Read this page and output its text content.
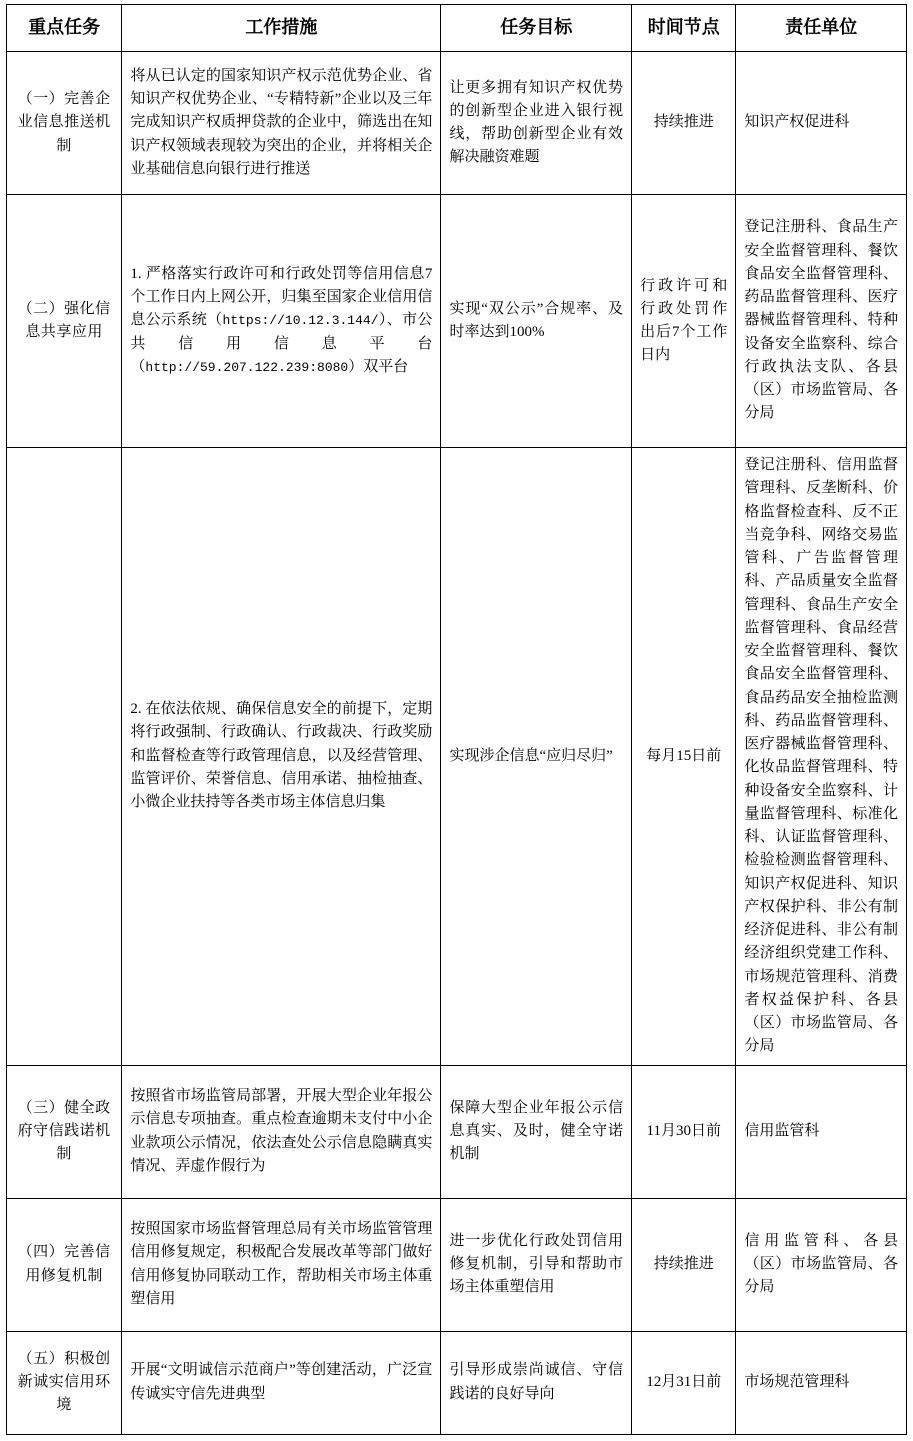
重点任务	工作措施	任务目标	时间节点	责任单位
（一）完善企业信息推送机制	将从已认定的国家知识产权示范优势企业、省知识产权优势企业、“专精特新”企业以及三年完成知识产权质押贷款的企业中，筛选出在知识产权领域表现较为突出的企业，并将相关企业基础信息向银行进行推送	让更多拥有知识产权优势的创新型企业进入银行视线，帮助创新型企业有效解决融资难题	持续推进	知识产权促进科
（二）强化信息共享应用	1. 严格落实行政许可和行政处罚等信用信息7个工作日内上网公开，归集至国家企业信用信息公示系统（https://10.12.3.144/）、市公共信用信息平台（http://59.207.122.239:8080）双平台	实现“双公示”合规率、及时率达到100%	行政许可和行政处罚作出后7个工作日内	登记注册科、食品生产安全监督管理科、餐饮食品安全监督管理科、药品监督管理科、医疗器械监督管理科、特种设备安全监察科、综合行政执法支队、各县（区）市场监管局、各分局
	2. 在依法依规、确保信息安全的前提下，定期将行政强制、行政确认、行政裁决、行政奖励和监督检查等行政管理信息，以及经营管理、监管评价、荣誉信息、信用承诺、抽检抽查、小微企业扶持等各类市场主体信息归集	实现涉企信息“应归尽归”	每月15日前	登记注册科、信用监督管理科、反垄断科、价格监督检查科、反不正当竞争科、网络交易监管科、广告监督管理科、产品质量安全监督管理科、食品生产安全监督管理科、食品经营安全监督管理科、餐饮食品安全监督管理科、食品药品安全抽检监测科、药品监督管理科、医疗器械监督管理科、化妆品监督管理科、特种设备安全监察科、计量监督管理科、标准化科、认证监督管理科、检验检测监督管理科、知识产权促进科、知识产权保护科、非公有制经济促进科、非公有制经济组织党建工作科、市场规范管理科、消费者权益保护科、各县（区）市场监管局、各分局
（三）健全政府守信践诺机制	按照省市场监管局部署，开展大型企业年报公示信息专项抽查。重点检查逾期未支付中小企业款项公示情况，依法查处公示信息隐瞒真实情况、弄虚作假行为	保障大型企业年报公示信息真实、及时，健全守诺机制	11月30日前	信用监管科
（四）完善信用修复机制	按照国家市场监督管理总局有关市场监管管理信用修复规定，积极配合发展改革等部门做好信用修复协同联动工作，帮助相关市场主体重塑信用	进一步优化行政处罚信用修复机制，引导和帮助市场主体重塑信用	持续推进	信用监管科、各县（区）市场监管局、各分局
（五）积极创新诚实信用环境	开展“文明诚信示范商户”等创建活动，广泛宣传诚实守信先进典型	引导形成崇尚诚信、守信践诺的良好导向	12月31日前	市场规范管理科
